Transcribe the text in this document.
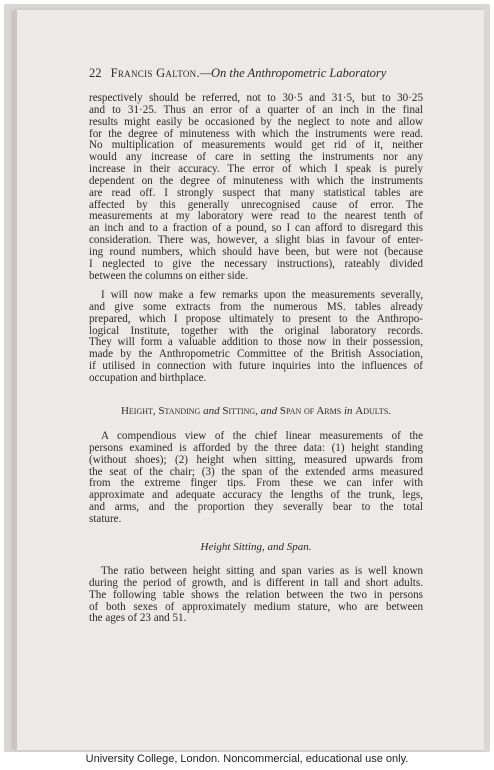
22 Francis Galton.—On the Anthropometric Laboratory
respectively should be referred, not to 30·5 and 31·5, but to 30·25
and to 31·25. Thus an error of a quarter of an inch in the final
results might easily be occasioned by the neglect to note and allow
for the degree of minuteness with which the instruments were read.
No multiplication of measurements would get rid of it, neither
would any increase of care in setting the instruments nor any
increase in their accuracy. The error of which I speak is purely
dependent on the degree of minuteness with which the instruments
are read off. I strongly suspect that many statistical tables are
affected by this generally unrecognised cause of error. The
measurements at my laboratory were read to the nearest tenth of
an inch and to a fraction of a pound, so I can afford to disregard this
consideration. There was, however, a slight bias in favour of enter-
ing round numbers, which should have been, but were not (because
I neglected to give the necessary instructions), rateably divided
between the columns on either side.
I will now make a few remarks upon the measurements severally,
and give some extracts from the numerous MS. tables already
prepared, which I propose ultimately to present to the Anthropo-
logical Institute, together with the original laboratory records.
They will form a valuable addition to those now in their possession,
made by the Anthropometric Committee of the British Association,
if utilised in connection with future inquiries into the influences of
occupation and birthplace.
Height, Standing and Sitting, and Span of Arms in Adults.
A compendious view of the chief linear measurements of the
persons examined is afforded by the three data: (1) height standing
(without shoes); (2) height when sitting, measured upwards from
the seat of the chair; (3) the span of the extended arms measured
from the extreme finger tips. From these we can infer with
approximate and adequate accuracy the lengths of the trunk, legs,
and arms, and the proportion they severally bear to the total
stature.
Height Sitting, and Span.
The ratio between height sitting and span varies as is well known
during the period of growth, and is different in tall and short adults.
The following table shows the relation between the two in persons
of both sexes of approximately medium stature, who are between
the ages of 23 and 51.
University College, London. Noncommercial, educational use only.
